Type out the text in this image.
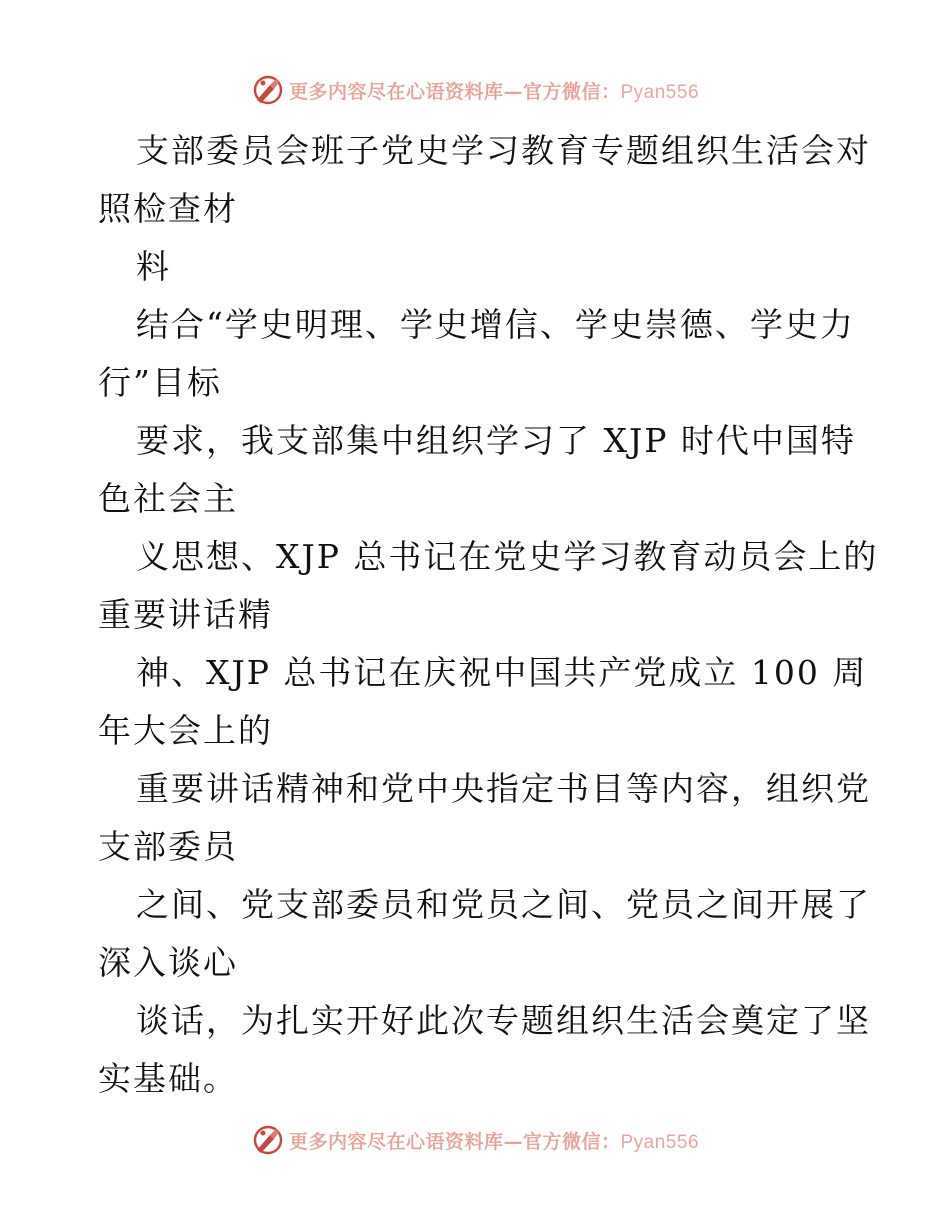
更多内容尽在心语资料库—官方微信：Pyan556
支部委员会班子党史学习教育专题组织生活会对
照检查材
料
结合“学史明理、学史增信、学史崇德、学史力
行”目标
要求，我支部集中组织学习了 XJP 时代中国特
色社会主
义思想、XJP 总书记在党史学习教育动员会上的
重要讲话精
神、XJP 总书记在庆祝中国共产党成立 100 周
年大会上的
重要讲话精神和党中央指定书目等内容，组织党
支部委员
之间、党支部委员和党员之间、党员之间开展了
深入谈心
谈话，为扎实开好此次专题组织生活会奠定了坚
实基础。
更多内容尽在心语资料库—官方微信：Pyan556
